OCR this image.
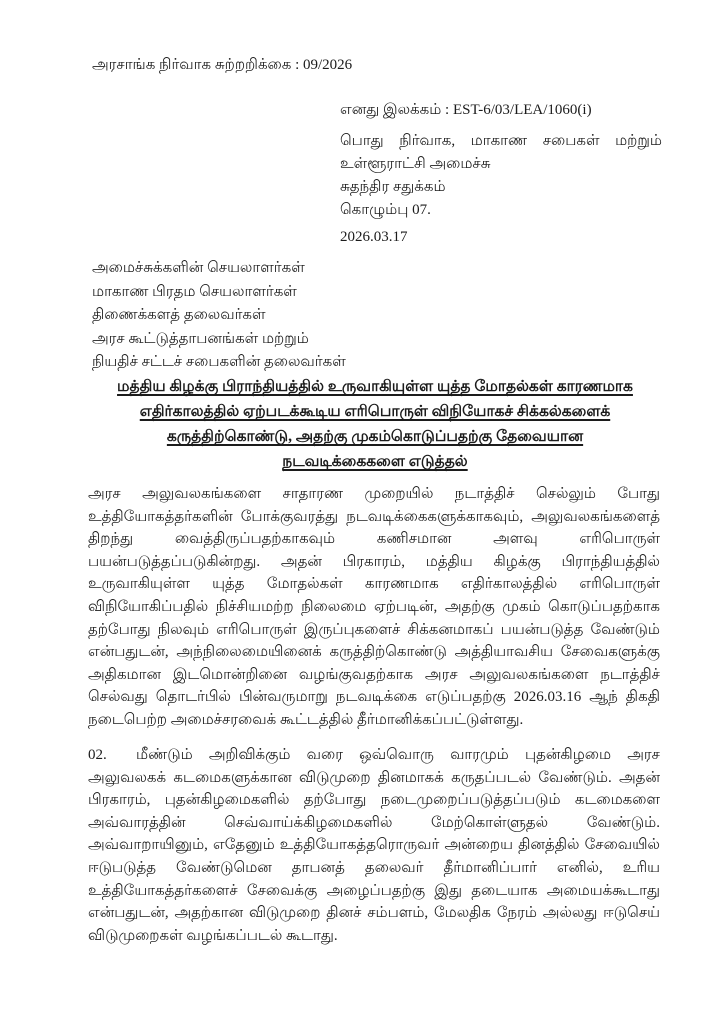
அரசாங்க நிர்வாக சுற்றறிக்கை : 09/2026
எனது இலக்கம் : EST-6/03/LEA/1060(i)
பொது நிர்வாக, மாகாண சபைகள் மற்றும் உள்ளூராட்சி அமைச்சு
சுதந்திர சதுக்கம்
கொழும்பு 07.
2026.03.17
அமைச்சுக்களின் செயலாளர்கள்
மாகாண பிரதம செயலாளர்கள்
திணைக்களத் தலைவர்கள்
அரச கூட்டுத்தாபனங்கள் மற்றும்
நியதிச் சட்டச் சபைகளின் தலைவர்கள்
மத்திய கிழக்கு பிராந்தியத்தில் உருவாகியுள்ள யுத்த மோதல்கள் காரணமாக
எதிர்காலத்தில் ஏற்படக்கூடிய எரிபொருள் விநியோகச் சிக்கல்களைக்
கருத்திற்கொண்டு, அதற்கு முகம்கொடுப்பதற்கு தேவையான
நடவடிக்கைகளை எடுத்தல்

அரச அலுவலகங்களை சாதாரண முறையில் நடாத்திச் செல்லும் போது உத்தியோகத்தர்களின் போக்குவரத்து நடவடிக்கைகளுக்காகவும், அலுவலகங்களைத் திறந்து வைத்திருப்பதற்காகவும் கணிசமான அளவு எரிபொருள் பயன்படுத்தப்படுகின்றது. அதன் பிரகாரம், மத்திய கிழக்கு பிராந்தியத்தில் உருவாகியுள்ள யுத்த மோதல்கள் காரணமாக எதிர்காலத்தில் எரிபொருள் விநியோகிப்பதில் நிச்சியமற்ற நிலைமை ஏற்படின், அதற்கு முகம் கொடுப்பதற்காக தற்போது நிலவும் எரிபொருள் இருப்புகளைச் சிக்கனமாகப் பயன்படுத்த வேண்டும் என்பதுடன், அந்நிலைமையினைக் கருத்திற்கொண்டு அத்தியாவசிய சேவைகளுக்கு அதிகமான இடமொன்றினை வழங்குவதற்காக அரச அலுவலகங்களை நடாத்திச் செல்வது தொடர்பில் பின்வருமாறு நடவடிக்கை எடுப்பதற்கு 2026.03.16 ஆந் திகதி நடைபெற்ற அமைச்சரவைக் கூட்டத்தில் தீர்மானிக்கப்பட்டுள்ளது.

02. மீண்டும் அறிவிக்கும் வரை ஒவ்வொரு வாரமும் புதன்கிழமை அரச அலுவலகக் கடமைகளுக்கான விடுமுறை தினமாகக் கருதப்படல் வேண்டும். அதன் பிரகாரம், புதன்கிழமைகளில் தற்போது நடைமுறைப்படுத்தப்படும் கடமைகளை அவ்வாரத்தின் செவ்வாய்க்கிழமைகளில் மேற்கொள்ளுதல் வேண்டும். அவ்வாறாயினும், எதேனும் உத்தியோகத்தரொருவர் அன்றைய தினத்தில் சேவையில் ஈடுபடுத்த வேண்டுமென தாபனத் தலைவர் தீர்மானிப்பார் எனில், உரிய உத்தியோகத்தர்களைச் சேவைக்கு அழைப்பதற்கு இது தடையாக அமையக்கூடாது என்பதுடன், அதற்கான விடுமுறை தினச் சம்பளம், மேலதிக நேரம் அல்லது ஈடுசெய் விடுமுறைகள் வழங்கப்படல் கூடாது.
